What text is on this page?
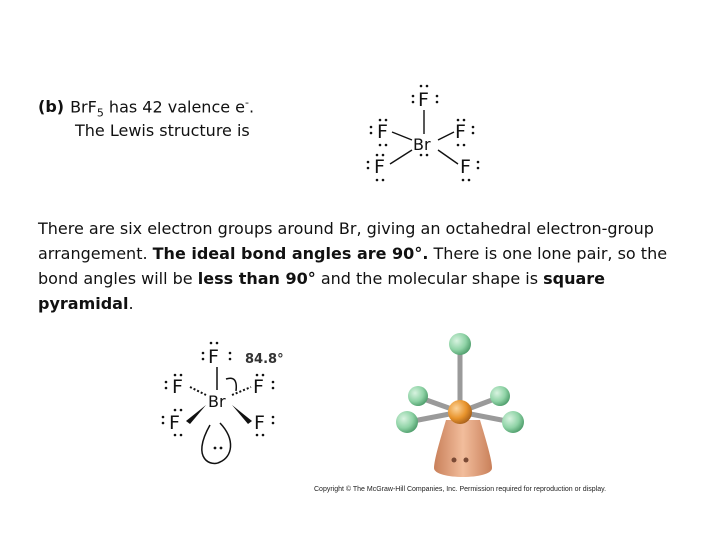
(b) BrF$_5$ has 42 valence e-.
The Lewis structure is
F
F	F
F	F
Br
There are six electron groups around Br, giving an octahedral electron-group arrangement. The ideal bond angles are 90°. There is one lone pair, so the bond angles will be less than 90° and the molecular shape is square pyramidal.
F
F	F
F	F
Br
84.8°
Copyright © The McGraw-Hill Companies, Inc. Permission required for reproduction or display.
